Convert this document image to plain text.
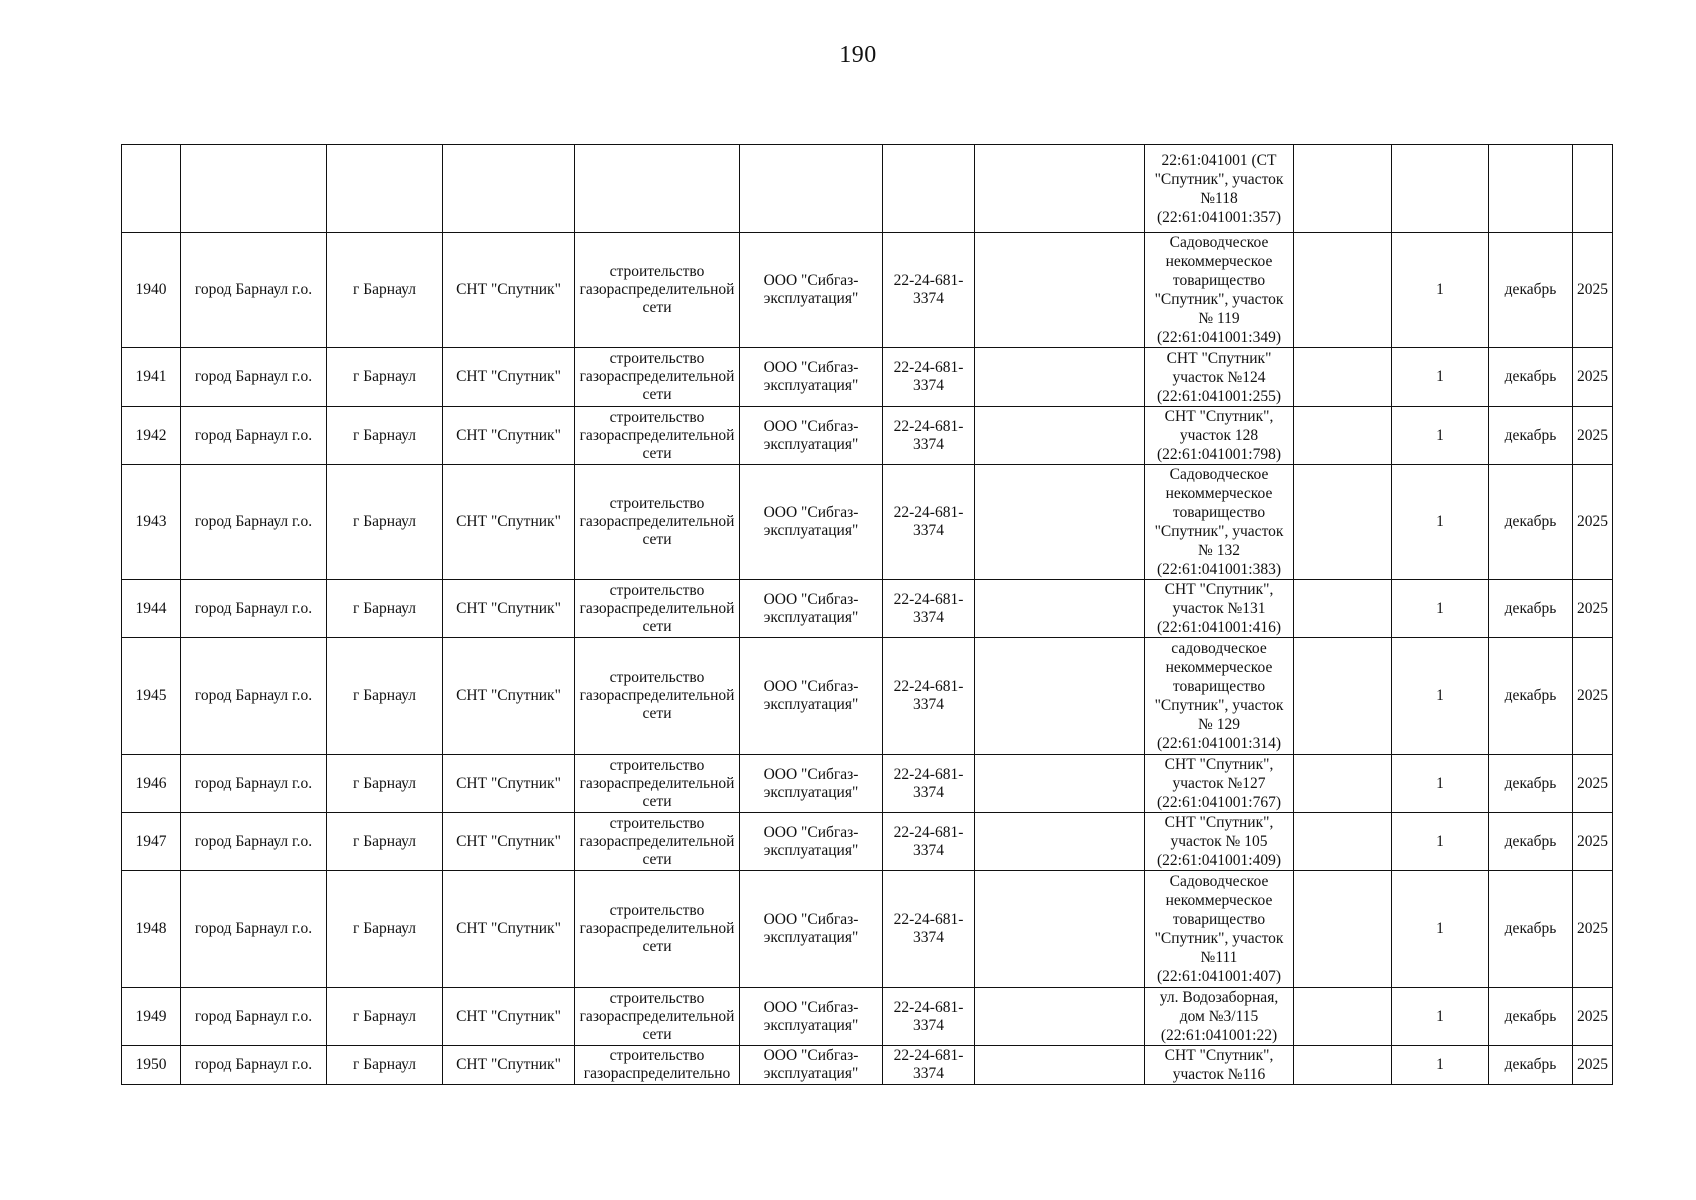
190
								22:61:041001 (СТ "Спутник", участок №118 (22:61:041001:357)				
1940	город Барнаул г.о.	г Барнаул	СНТ "Спутник"	строительство газораспределительной сети	ООО "Сибгаз-эксплуатация"	22-24-681-3374		Садоводческое некоммерческое товарищество "Спутник", участок № 119 (22:61:041001:349)		1	декабрь	2025
1941	город Барнаул г.о.	г Барнаул	СНТ "Спутник"	строительство газораспределительной сети	ООО "Сибгаз-эксплуатация"	22-24-681-3374		СНТ "Спутник" участок №124 (22:61:041001:255)		1	декабрь	2025
1942	город Барнаул г.о.	г Барнаул	СНТ "Спутник"	строительство газораспределительной сети	ООО "Сибгаз-эксплуатация"	22-24-681-3374		СНТ "Спутник", участок 128 (22:61:041001:798)		1	декабрь	2025
1943	город Барнаул г.о.	г Барнаул	СНТ "Спутник"	строительство газораспределительной сети	ООО "Сибгаз-эксплуатация"	22-24-681-3374		Садоводческое некоммерческое товарищество "Спутник", участок № 132 (22:61:041001:383)		1	декабрь	2025
1944	город Барнаул г.о.	г Барнаул	СНТ "Спутник"	строительство газораспределительной сети	ООО "Сибгаз-эксплуатация"	22-24-681-3374		СНТ "Спутник", участок №131 (22:61:041001:416)		1	декабрь	2025
1945	город Барнаул г.о.	г Барнаул	СНТ "Спутник"	строительство газораспределительной сети	ООО "Сибгаз-эксплуатация"	22-24-681-3374		садоводческое некоммерческое товарищество "Спутник", участок № 129 (22:61:041001:314)		1	декабрь	2025
1946	город Барнаул г.о.	г Барнаул	СНТ "Спутник"	строительство газораспределительной сети	ООО "Сибгаз-эксплуатация"	22-24-681-3374		СНТ "Спутник", участок №127 (22:61:041001:767)		1	декабрь	2025
1947	город Барнаул г.о.	г Барнаул	СНТ "Спутник"	строительство газораспределительной сети	ООО "Сибгаз-эксплуатация"	22-24-681-3374		СНТ "Спутник", участок № 105 (22:61:041001:409)		1	декабрь	2025
1948	город Барнаул г.о.	г Барнаул	СНТ "Спутник"	строительство газораспределительной сети	ООО "Сибгаз-эксплуатация"	22-24-681-3374		Садоводческое некоммерческое товарищество "Спутник", участок №111 (22:61:041001:407)		1	декабрь	2025
1949	город Барнаул г.о.	г Барнаул	СНТ "Спутник"	строительство газораспределительной сети	ООО "Сибгаз-эксплуатация"	22-24-681-3374		ул. Водозаборная, дом №3/115 (22:61:041001:22)		1	декабрь	2025
1950	город Барнаул г.о.	г Барнаул	СНТ "Спутник"	строительство газораспределительно	ООО "Сибгаз-эксплуатация"	22-24-681-3374		СНТ "Спутник", участок №116		1	декабрь	2025
